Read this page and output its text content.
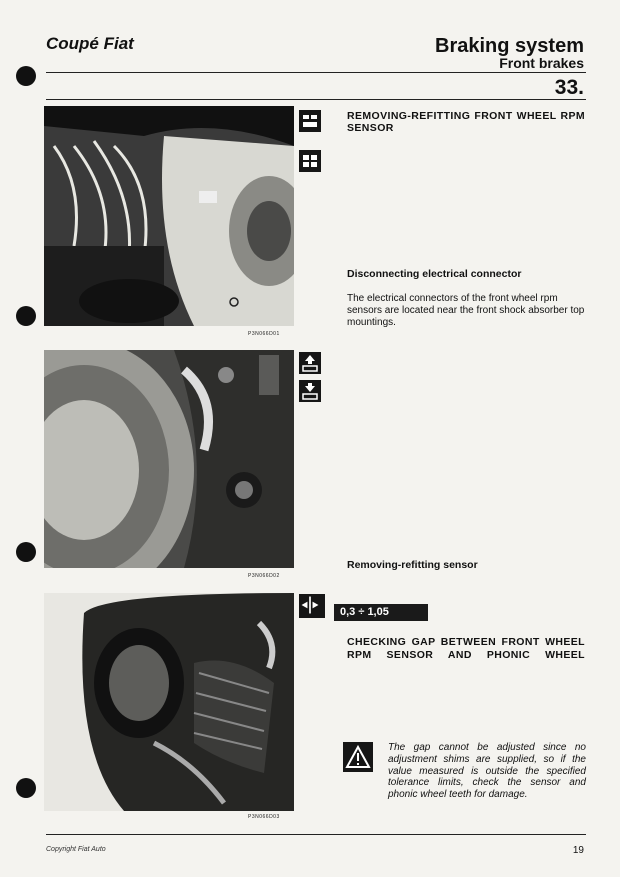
Coupé Fiat	Braking system
Front brakes
33.
P3N066D01
P3N066D02
P3N066D03
REMOVING-REFITTING FRONT WHEEL RPM SENSOR
Disconnecting electrical connector
The electrical connectors of the front wheel rpm sensors are located near the front shock absorber top mountings.
Removing-refitting sensor
0,3 ÷ 1,05
CHECKING GAP BETWEEN FRONT WHEEL RPM SENSOR AND PHONIC WHEEL
The gap cannot be adjusted since no adjustment shims are supplied, so if the value measured is outside the specified tolerance limits, check the sensor and phonic wheel teeth for damage.
Copyright Fiat Auto	19
